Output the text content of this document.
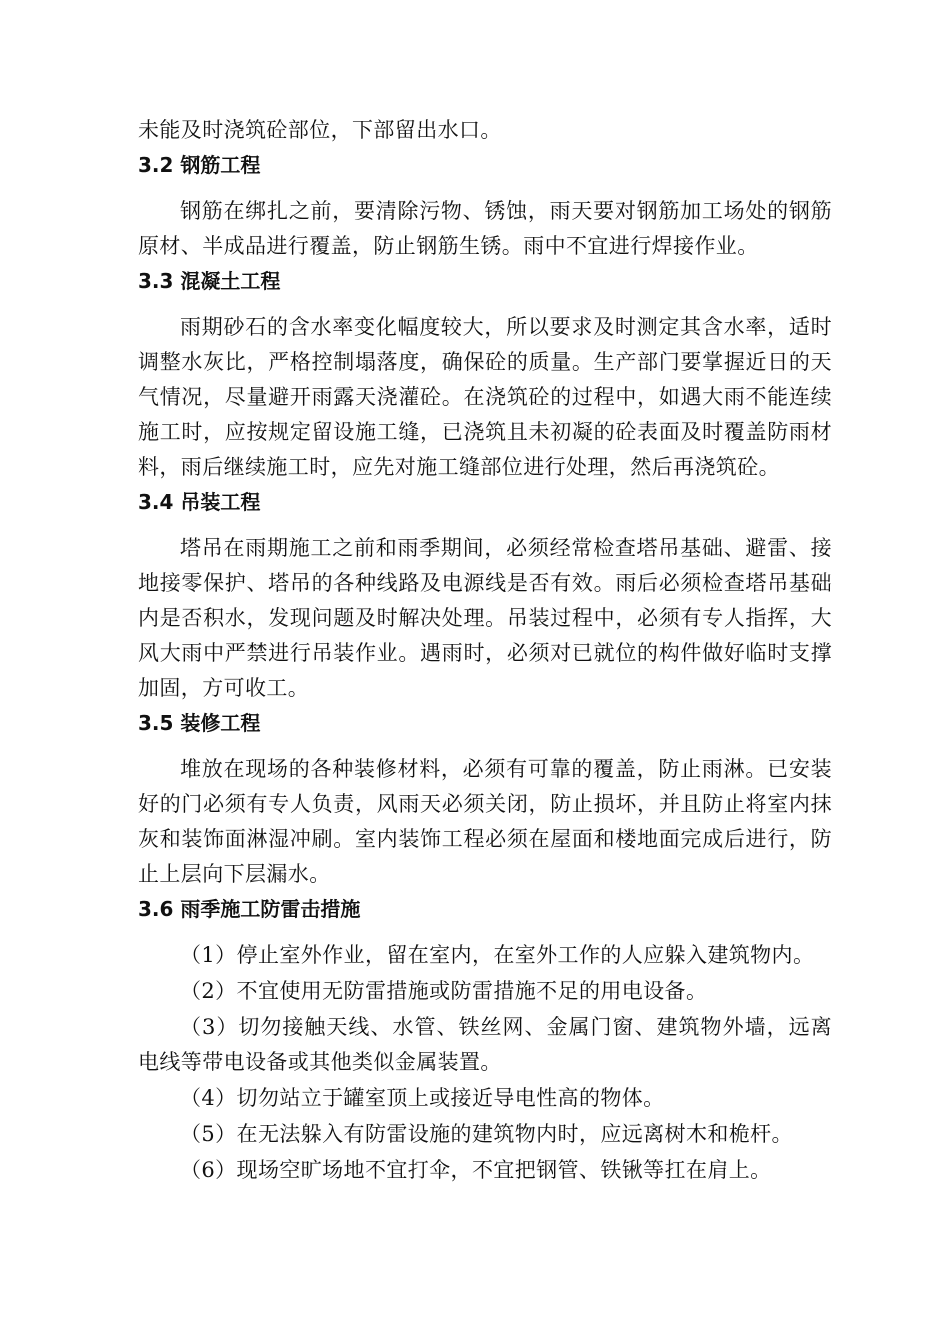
未能及时浇筑砼部位，下部留出水口。

3.2 钢筋工程

钢筋在绑扎之前，要清除污物、锈蚀，雨天要对钢筋加工场处的钢筋原材、半成品进行覆盖，防止钢筋生锈。雨中不宜进行焊接作业。

3.3 混凝土工程

雨期砂石的含水率变化幅度较大，所以要求及时测定其含水率，适时调整水灰比，严格控制塌落度，确保砼的质量。生产部门要掌握近日的天气情况，尽量避开雨露天浇灌砼。在浇筑砼的过程中，如遇大雨不能连续施工时，应按规定留设施工缝，已浇筑且未初凝的砼表面及时覆盖防雨材料，雨后继续施工时，应先对施工缝部位进行处理，然后再浇筑砼。

3.4 吊装工程

塔吊在雨期施工之前和雨季期间，必须经常检查塔吊基础、避雷、接地接零保护、塔吊的各种线路及电源线是否有效。雨后必须检查塔吊基础内是否积水，发现问题及时解决处理。吊装过程中，必须有专人指挥，大风大雨中严禁进行吊装作业。遇雨时，必须对已就位的构件做好临时支撑加固，方可收工。

3.5 装修工程

堆放在现场的各种装修材料，必须有可靠的覆盖，防止雨淋。已安装好的门必须有专人负责，风雨天必须关闭，防止损坏，并且防止将室内抹灰和装饰面淋湿冲刷。室内装饰工程必须在屋面和楼地面完成后进行，防止上层向下层漏水。

3.6 雨季施工防雷击措施

（1）停止室外作业，留在室内，在室外工作的人应躲入建筑物内。

（2）不宜使用无防雷措施或防雷措施不足的用电设备。

（3）切勿接触天线、水管、铁丝网、金属门窗、建筑物外墙，远离电线等带电设备或其他类似金属装置。

（4）切勿站立于罐室顶上或接近导电性高的物体。

（5）在无法躲入有防雷设施的建筑物内时，应远离树木和桅杆。

（6）现场空旷场地不宜打伞，不宜把钢管、铁锹等扛在肩上。
